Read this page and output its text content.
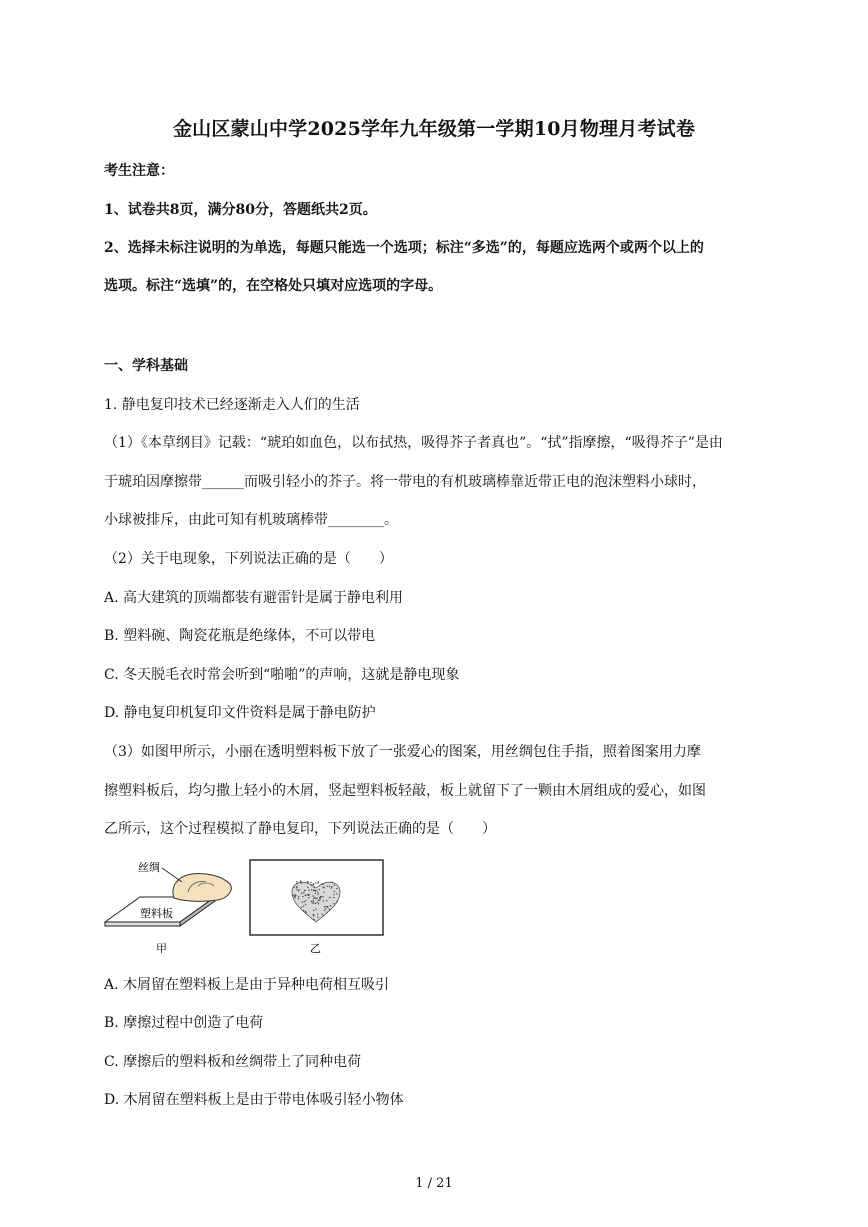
金山区蒙山中学2025学年九年级第一学期10月物理月考试卷
考生注意：
1、试卷共8页，满分80分，答题纸共2页。
2、选择未标注说明的为单选，每题只能选一个选项；标注“多选”的，每题应选两个或两个以上的
选项。标注“选填”的，在空格处只填对应选项的字母。
一、学科基础
1. 静电复印技术已经逐渐走入人们的生活
（1）《本草纲目》记载：“琥珀如血色，以布拭热，吸得芥子者真也”。“拭”指摩擦，“吸得芥子”是由
于琥珀因摩擦带______而吸引轻小的芥子。将一带电的有机玻璃棒靠近带正电的泡沫塑料小球时，
小球被排斥，由此可知有机玻璃棒带________。
（2）关于电现象，下列说法正确的是（　　）
A. 高大建筑的顶端都装有避雷针是属于静电利用
B. 塑料碗、陶瓷花瓶是绝缘体，不可以带电
C. 冬天脱毛衣时常会听到“啪啪”的声响，这就是静电现象
D. 静电复印机复印文件资料是属于静电防护
（3）如图甲所示，小丽在透明塑料板下放了一张爱心的图案，用丝绸包住手指，照着图案用力摩
擦塑料板后，均匀撒上轻小的木屑，竖起塑料板轻敲，板上就留下了一颗由木屑组成的爱心，如图
乙所示，这个过程模拟了静电复印，下列说法正确的是（　　）
丝绸
塑料板
甲	乙
A. 木屑留在塑料板上是由于异种电荷相互吸引
B. 摩擦过程中创造了电荷
C. 摩擦后的塑料板和丝绸带上了同种电荷
D. 木屑留在塑料板上是由于带电体吸引轻小物体
1 / 21
